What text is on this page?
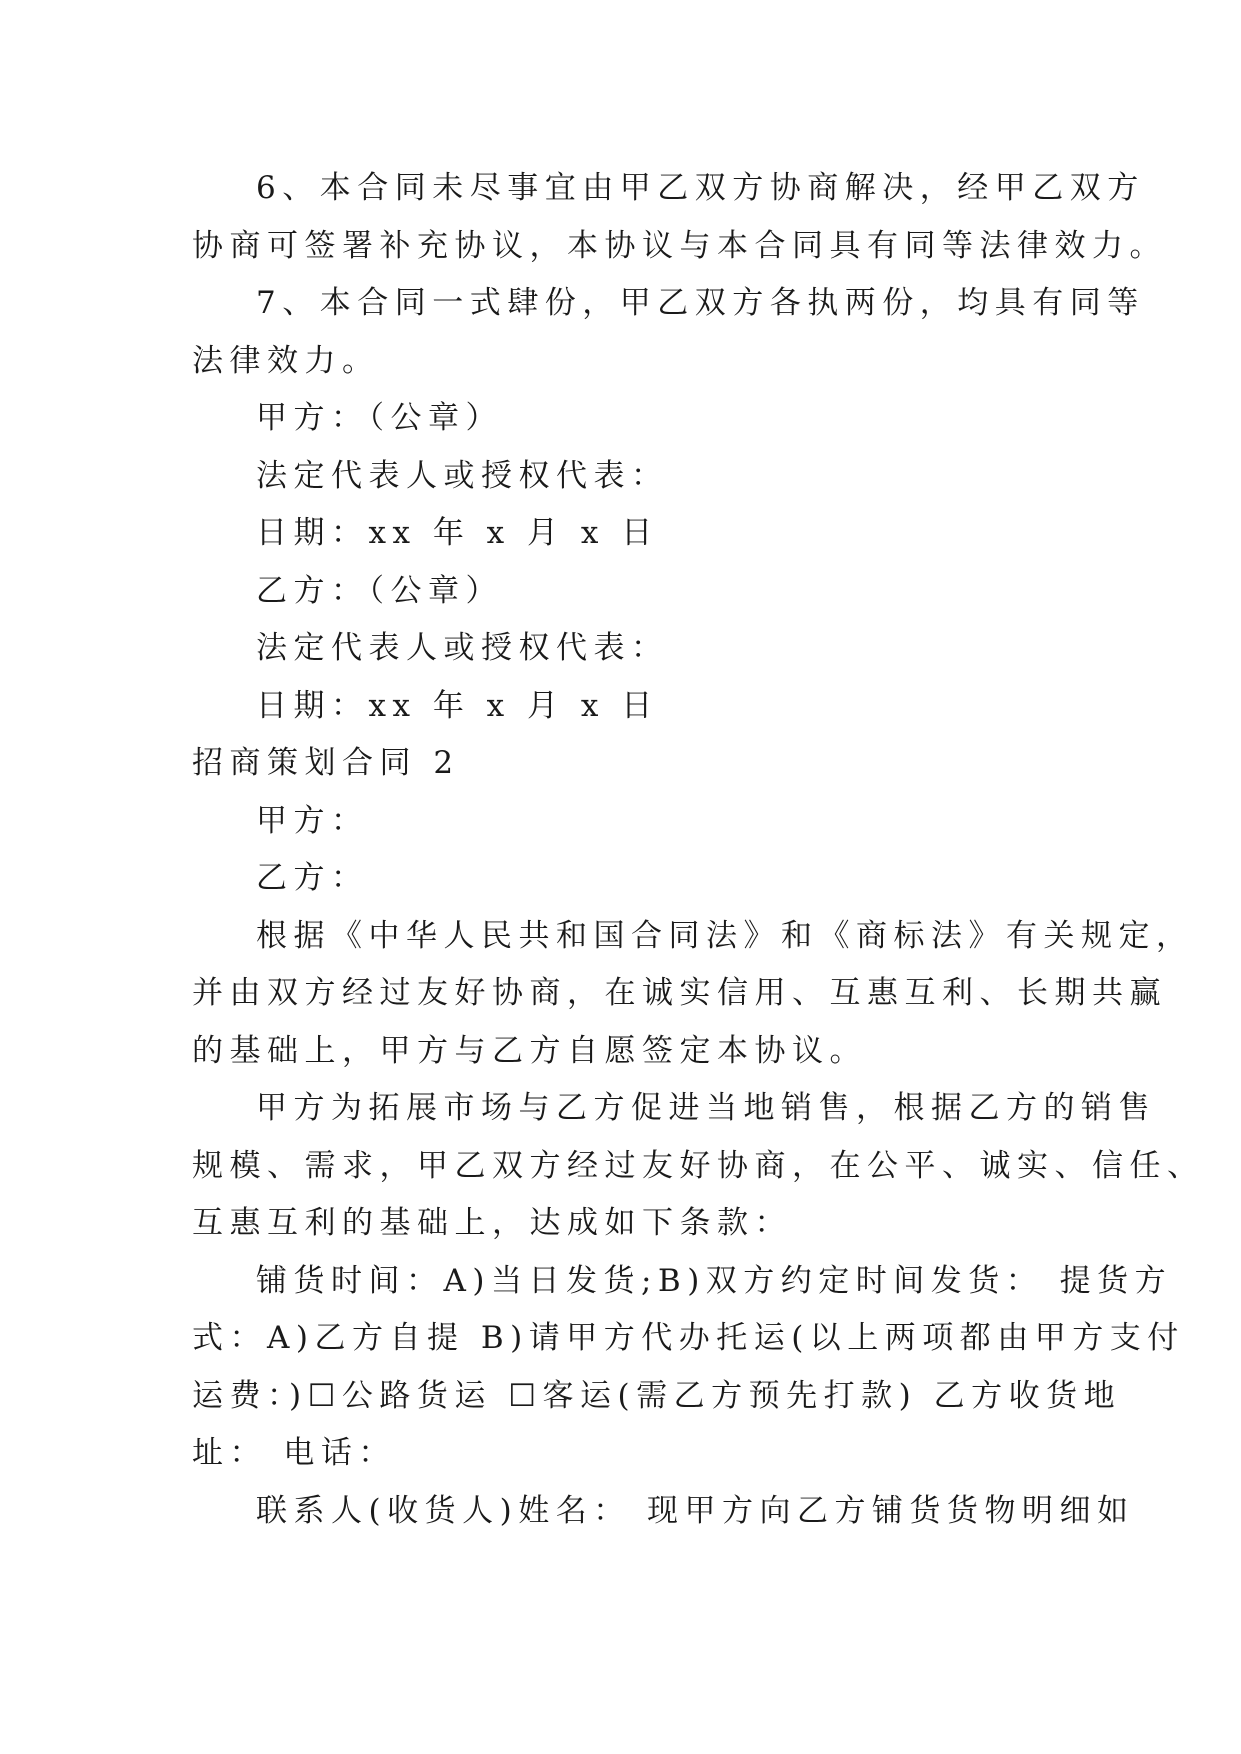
6、本合同未尽事宜由甲乙双方协商解决，经甲乙双方
协商可签署补充协议，本协议与本合同具有同等法律效力。
7、本合同一式肆份，甲乙双方各执两份，均具有同等
法律效力。
甲方：（公章）
法定代表人或授权代表：
日期：xx 年 x 月 x 日
乙方：（公章）
法定代表人或授权代表：
日期：xx 年 x 月 x 日
招商策划合同 2
甲方：
乙方：
根据《中华人民共和国合同法》和《商标法》有关规定，
并由双方经过友好协商，在诚实信用、互惠互利、长期共赢
的基础上，甲方与乙方自愿签定本协议。
甲方为拓展市场与乙方促进当地销售，根据乙方的销售
规模、需求，甲乙双方经过友好协商，在公平、诚实、信任、
互惠互利的基础上，达成如下条款：
铺货时间：A)当日发货;B)双方约定时间发货： 提货方
式：A)乙方自提 B)请甲方代办托运(以上两项都由甲方支付
运费：)☐公路货运 ☐客运(需乙方预先打款) 乙方收货地
址： 电话：
联系人(收货人)姓名： 现甲方向乙方铺货货物明细如
